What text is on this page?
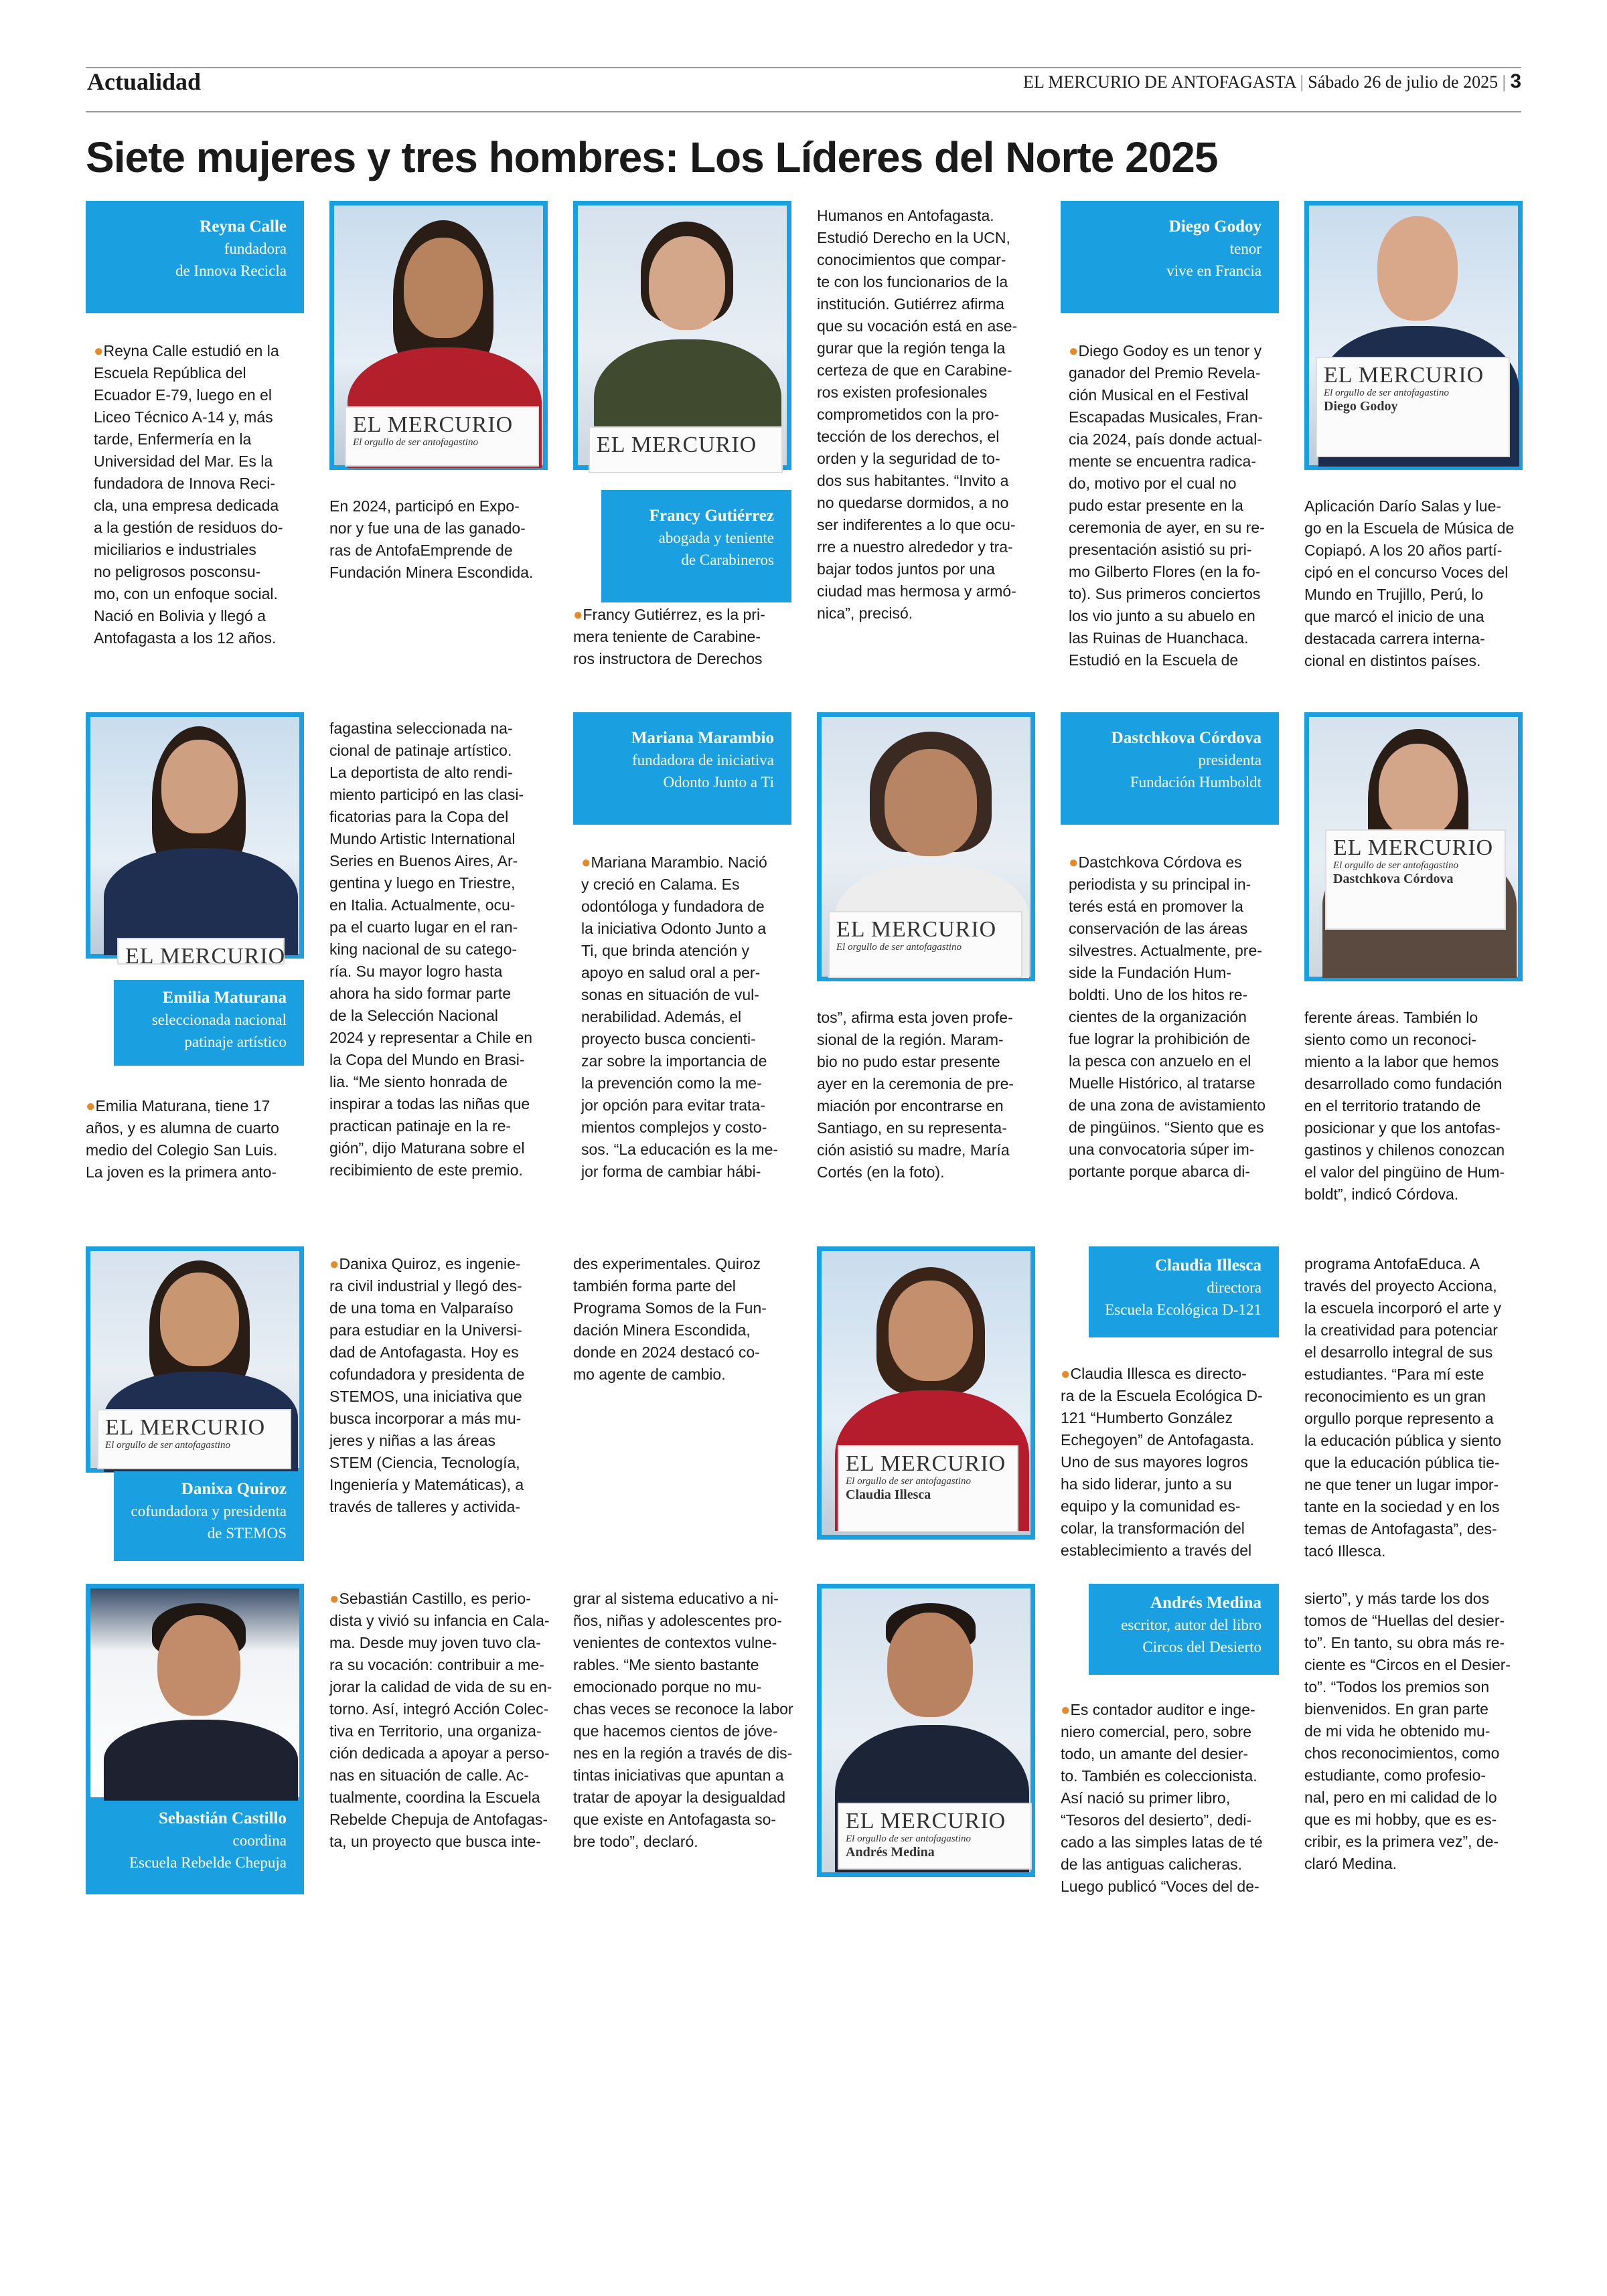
Actualidad	EL MERCURIO DE ANTOFAGASTA | Sábado 26 de julio de 2025 | 3
Siete mujeres y tres hombres: Los Líderes del Norte 2025
Reyna Calle
fundadora
de Innova Recicla
●Reyna Calle estudió en la
Escuela República del
Ecuador E-79, luego en el
Liceo Técnico A-14 y, más
tarde, Enfermería en la
Universidad del Mar. Es la
fundadora de Innova Reci-
cla, una empresa dedicada
a la gestión de residuos do-
miciliarios e industriales
no peligrosos posconsu-
mo, con un enfoque social.
Nació en Bolivia y llegó a
Antofagasta a los 12 años.
EL MERCURIO
El orgullo de ser antofagastino
En 2024, participó en Expo-
nor y fue una de las ganado-
ras de AntofaEmprende de
Fundación Minera Escondida.
EL MERCURIO
Francy Gutiérrez
abogada y teniente
de Carabineros
●Francy Gutiérrez, es la pri-
mera teniente de Carabine-
ros instructora de Derechos
Humanos en Antofagasta.
Estudió Derecho en la UCN,
conocimientos que compar-
te con los funcionarios de la
institución. Gutiérrez afirma
que su vocación está en ase-
gurar que la región tenga la
certeza de que en Carabine-
ros existen profesionales
comprometidos con la pro-
tección de los derechos, el
orden y la seguridad de to-
dos sus habitantes. “Invito a
no quedarse dormidos, a no
ser indiferentes a lo que ocu-
rre a nuestro alrededor y tra-
bajar todos juntos por una
ciudad mas hermosa y armó-
nica”, precisó.
Diego Godoy
tenor
vive en Francia
●Diego Godoy es un tenor y
ganador del Premio Revela-
ción Musical en el Festival
Escapadas Musicales, Fran-
cia 2024, país donde actual-
mente se encuentra radica-
do, motivo por el cual no
pudo estar presente en la
ceremonia de ayer, en su re-
presentación asistió su pri-
mo Gilberto Flores (en la fo-
to). Sus primeros conciertos
los vio junto a su abuelo en
las Ruinas de Huanchaca.
Estudió en la Escuela de
EL MERCURIO
El orgullo de ser antofagastino
Diego Godoy
Aplicación Darío Salas y lue-
go en la Escuela de Música de
Copiapó. A los 20 años partí-
cipó en el concurso Voces del
Mundo en Trujillo, Perú, lo
que marcó el inicio de una
destacada carrera interna-
cional en distintos países.
EL MERCURIO
Emilia Maturana
seleccionada nacional
patinaje artístico
●Emilia Maturana, tiene 17
años, y es alumna de cuarto
medio del Colegio San Luis.
La joven es la primera anto-
fagastina seleccionada na-
cional de patinaje artístico.
La deportista de alto rendi-
miento participó en las clasi-
ficatorias para la Copa del
Mundo Artistic International
Series en Buenos Aires, Ar-
gentina y luego en Triestre,
en Italia. Actualmente, ocu-
pa el cuarto lugar en el ran-
king nacional de su catego-
ría. Su mayor logro hasta
ahora ha sido formar parte
de la Selección Nacional
2024 y representar a Chile en
la Copa del Mundo en Brasi-
lia. “Me siento honrada de
inspirar a todas las niñas que
practican patinaje en la re-
gión”, dijo Maturana sobre el
recibimiento de este premio.
Mariana Marambio
fundadora de iniciativa
Odonto Junto a Ti
●Mariana Marambio. Nació
y creció en Calama. Es
odontóloga y fundadora de
la iniciativa Odonto Junto a
Ti, que brinda atención y
apoyo en salud oral a per-
sonas en situación de vul-
nerabilidad. Además, el
proyecto busca concienti-
zar sobre la importancia de
la prevención como la me-
jor opción para evitar trata-
mientos complejos y costo-
sos. “La educación es la me-
jor forma de cambiar hábi-
EL MERCURIO
El orgullo de ser antofagastino
tos”, afirma esta joven profe-
sional de la región. Maram-
bio no pudo estar presente
ayer en la ceremonia de pre-
miación por encontrarse en
Santiago, en su representa-
ción asistió su madre, María
Cortés (en la foto).
Dastchkova Córdova
presidenta
Fundación Humboldt
●Dastchkova Córdova es
periodista y su principal in-
terés está en promover la
conservación de las áreas
silvestres. Actualmente, pre-
side la Fundación Hum-
boldti. Uno de los hitos re-
cientes de la organización
fue lograr la prohibición de
la pesca con anzuelo en el
Muelle Histórico, al tratarse
de una zona de avistamiento
de pingüinos. “Siento que es
una convocatoria súper im-
portante porque abarca di-
EL MERCURIO
El orgullo de ser antofagastino
Dastchkova Córdova
ferente áreas. También lo
siento como un reconoci-
miento a la labor que hemos
desarrollado como fundación
en el territorio tratando de
posicionar y que los antofas-
gastinos y chilenos conozcan
el valor del pingüino de Hum-
boldt”, indicó Córdova.
EL MERCURIO
El orgullo de ser antofagastino
Danixa Quiroz
cofundadora y presidenta
de STEMOS
●Danixa Quiroz, es ingenie-
ra civil industrial y llegó des-
de una toma en Valparaíso
para estudiar en la Universi-
dad de Antofagasta. Hoy es
cofundadora y presidenta de
STEMOS, una iniciativa que
busca incorporar a más mu-
jeres y niñas a las áreas
STEM (Ciencia, Tecnología,
Ingeniería y Matemáticas), a
través de talleres y activida-
des experimentales. Quiroz
también forma parte del
Programa Somos de la Fun-
dación Minera Escondida,
donde en 2024 destacó co-
mo agente de cambio.
EL MERCURIO
El orgullo de ser antofagastino
Claudia Illesca
Claudia Illesca
directora
Escuela Ecológica D-121
●Claudia Illesca es directo-
ra de la Escuela Ecológica D-
121 “Humberto González
Echegoyen” de Antofagasta.
Uno de sus mayores logros
ha sido liderar, junto a su
equipo y la comunidad es-
colar, la transformación del
establecimiento a través del
programa AntofaEduca. A
través del proyecto Acciona,
la escuela incorporó el arte y
la creatividad para potenciar
el desarrollo integral de sus
estudiantes. “Para mí este
reconocimiento es un gran
orgullo porque represento a
la educación pública y siento
que la educación pública tie-
ne que tener un lugar impor-
tante en la sociedad y en los
temas de Antofagasta”, des-
tacó Illesca.
Sebastián Castillo
coordina
Escuela Rebelde Chepuja
●Sebastián Castillo, es perio-
dista y vivió su infancia en Cala-
ma. Desde muy joven tuvo cla-
ra su vocación: contribuir a me-
jorar la calidad de vida de su en-
torno. Así, integró Acción Colec-
tiva en Territorio, una organiza-
ción dedicada a apoyar a perso-
nas en situación de calle. Ac-
tualmente, coordina la Escuela
Rebelde Chepuja de Antofagas-
ta, un proyecto que busca inte-
grar al sistema educativo a ni-
ños, niñas y adolescentes pro-
venientes de contextos vulne-
rables. “Me siento bastante
emocionado porque no mu-
chas veces se reconoce la labor
que hacemos cientos de jóve-
nes en la región a través de dis-
tintas iniciativas que apuntan a
tratar de apoyar la desigualdad
que existe en Antofagasta so-
bre todo”, declaró.
EL MERCURIO
El orgullo de ser antofagastino
Andrés Medina
Andrés Medina
escritor, autor del libro
Circos del Desierto
●Es contador auditor e inge-
niero comercial, pero, sobre
todo, un amante del desier-
to. También es coleccionista.
Así nació su primer libro,
“Tesoros del desierto”, dedi-
cado a las simples latas de té
de las antiguas calicheras.
Luego publicó “Voces del de-
sierto”, y más tarde los dos
tomos de “Huellas del desier-
to”. En tanto, su obra más re-
ciente es “Circos en el Desier-
to”. “Todos los premios son
bienvenidos. En gran parte
de mi vida he obtenido mu-
chos reconocimientos, como
estudiante, como profesio-
nal, pero en mi calidad de lo
que es mi hobby, que es es-
cribir, es la primera vez”, de-
claró Medina.
